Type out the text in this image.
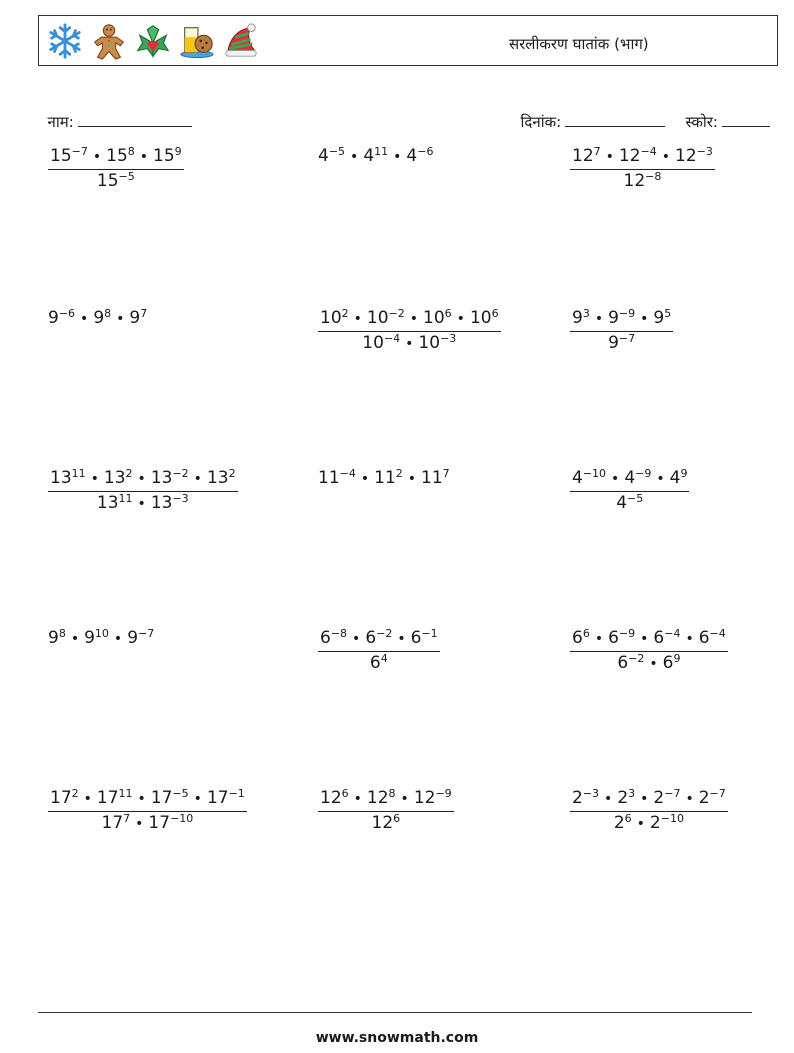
सरलीकरण घातांक (भाग)

नाम:	दिनांक:	स्कोर:

$\frac{15^{-7} • 15^8 • 15^9}{15^{-5}}$	$4^{-5}$ • $4^{11}$ • $4^{-6}$	$\frac{12^7 • 12^{-4} • 12^{-3}}{12^{-8}}$
$9^{-6}$ • $9^8$ • $9^7$	$\frac{10^2 • 10^{-2} • 10^6 • 10^6}{10^{-4} • 10^{-3}}$	$\frac{9^3 • 9^{-9} • 9^5}{9^{-7}}$
$\frac{13^{11} • 13^2 • 13^{-2} • 13^2}{13^{11} • 13^{-3}}$	$11^{-4}$ • $11^2$ • $11^7$	$\frac{4^{-10} • 4^{-9} • 4^9}{4^{-5}}$
$9^8$ • $9^{10}$ • $9^{-7}$	$\frac{6^{-8} • 6^{-2} • 6^{-1}}{6^4}$	$\frac{6^6 • 6^{-9} • 6^{-4} • 6^{-4}}{6^{-2} • 6^9}$
$\frac{17^2 • 17^{11} • 17^{-5} • 17^{-1}}{17^7 • 17^{-10}}$	$\frac{12^6 • 12^8 • 12^{-9}}{12^6}$	$\frac{2^{-3} • 2^3 • 2^{-7} • 2^{-7}}{2^6 • 2^{-10}}$
www.snowmath.com
